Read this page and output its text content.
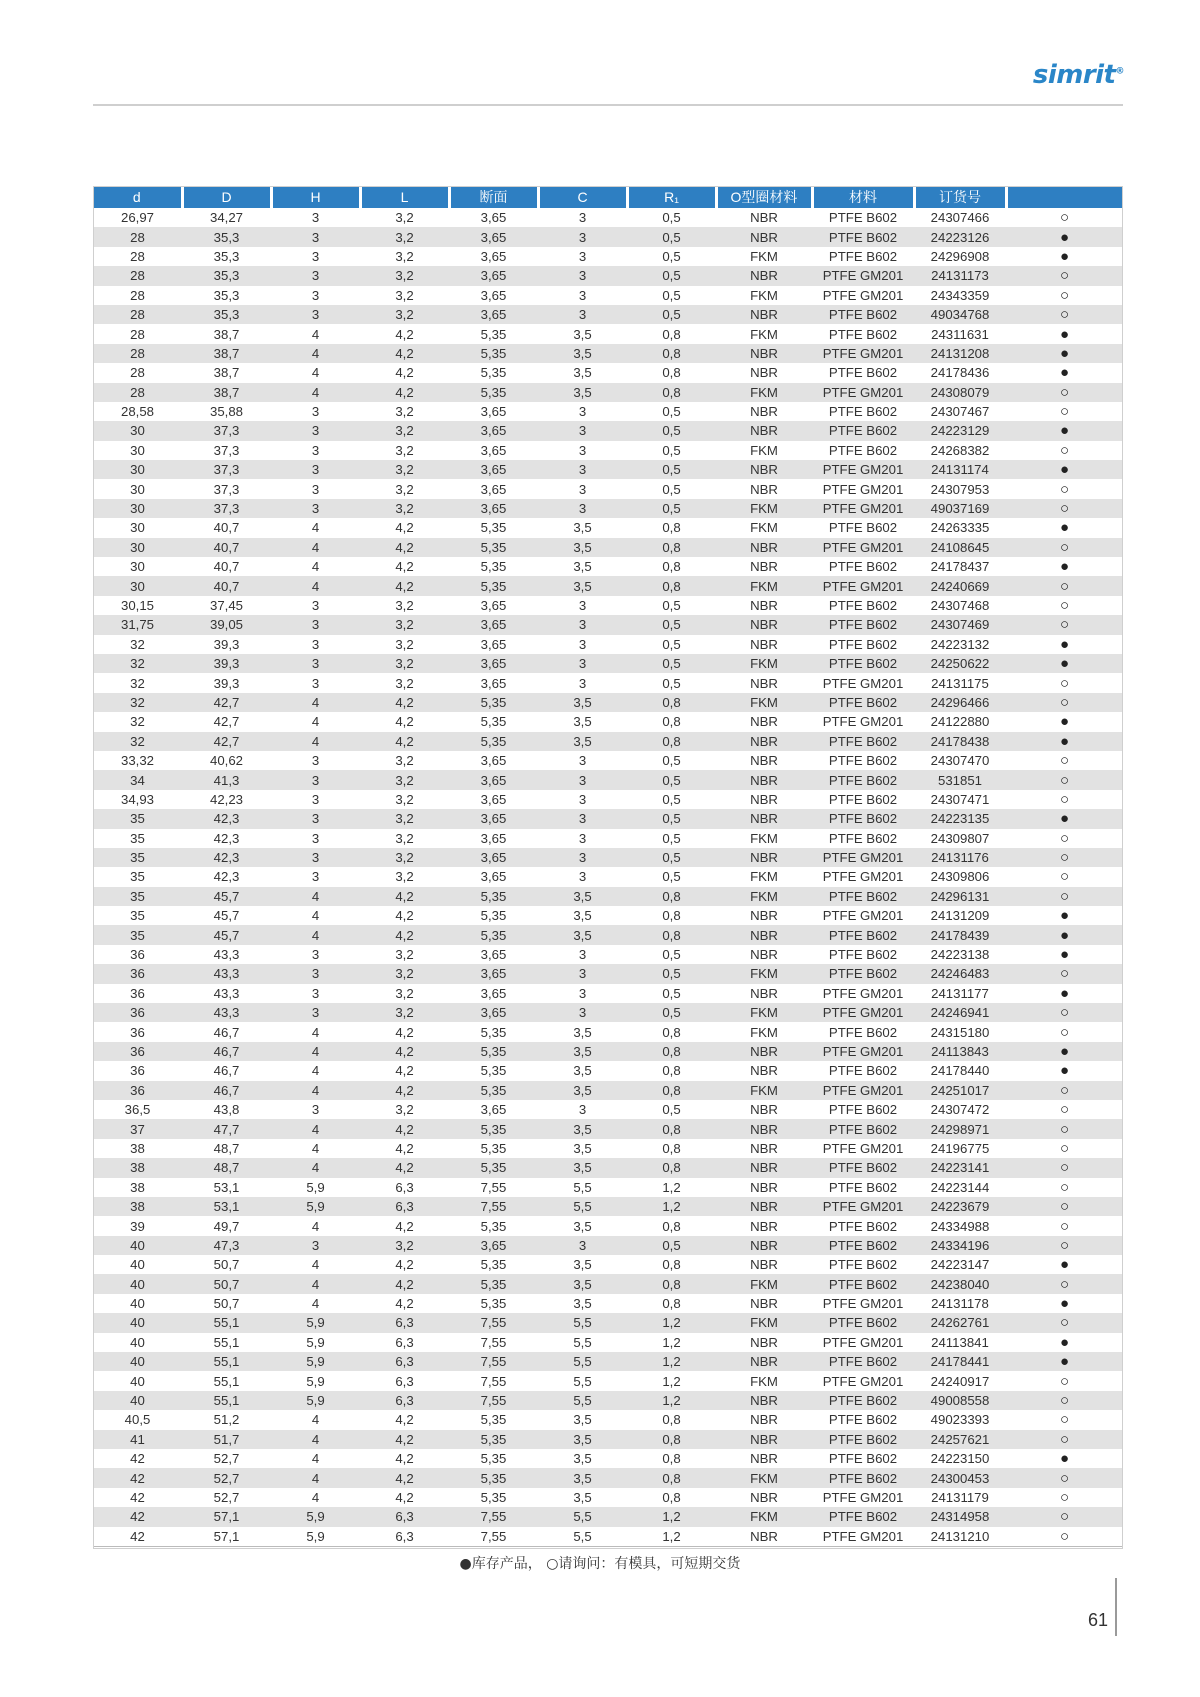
simrit®
d	D	H	L	断面	C	R₁	O型圈材料	材料	订货号	
26,97	34,27	3	3,2	3,65	3	0,5	NBR	PTFE B602	24307466	○
28	35,3	3	3,2	3,65	3	0,5	NBR	PTFE B602	24223126	●
28	35,3	3	3,2	3,65	3	0,5	FKM	PTFE B602	24296908	●
28	35,3	3	3,2	3,65	3	0,5	NBR	PTFE GM201	24131173	○
28	35,3	3	3,2	3,65	3	0,5	FKM	PTFE GM201	24343359	○
28	35,3	3	3,2	3,65	3	0,5	NBR	PTFE B602	49034768	○
28	38,7	4	4,2	5,35	3,5	0,8	FKM	PTFE B602	24311631	●
28	38,7	4	4,2	5,35	3,5	0,8	NBR	PTFE GM201	24131208	●
28	38,7	4	4,2	5,35	3,5	0,8	NBR	PTFE B602	24178436	●
28	38,7	4	4,2	5,35	3,5	0,8	FKM	PTFE GM201	24308079	○
28,58	35,88	3	3,2	3,65	3	0,5	NBR	PTFE B602	24307467	○
30	37,3	3	3,2	3,65	3	0,5	NBR	PTFE B602	24223129	●
30	37,3	3	3,2	3,65	3	0,5	FKM	PTFE B602	24268382	○
30	37,3	3	3,2	3,65	3	0,5	NBR	PTFE GM201	24131174	●
30	37,3	3	3,2	3,65	3	0,5	NBR	PTFE GM201	24307953	○
30	37,3	3	3,2	3,65	3	0,5	FKM	PTFE GM201	49037169	○
30	40,7	4	4,2	5,35	3,5	0,8	FKM	PTFE B602	24263335	●
30	40,7	4	4,2	5,35	3,5	0,8	NBR	PTFE GM201	24108645	○
30	40,7	4	4,2	5,35	3,5	0,8	NBR	PTFE B602	24178437	●
30	40,7	4	4,2	5,35	3,5	0,8	FKM	PTFE GM201	24240669	○
30,15	37,45	3	3,2	3,65	3	0,5	NBR	PTFE B602	24307468	○
31,75	39,05	3	3,2	3,65	3	0,5	NBR	PTFE B602	24307469	○
32	39,3	3	3,2	3,65	3	0,5	NBR	PTFE B602	24223132	●
32	39,3	3	3,2	3,65	3	0,5	FKM	PTFE B602	24250622	●
32	39,3	3	3,2	3,65	3	0,5	NBR	PTFE GM201	24131175	○
32	42,7	4	4,2	5,35	3,5	0,8	FKM	PTFE B602	24296466	○
32	42,7	4	4,2	5,35	3,5	0,8	NBR	PTFE GM201	24122880	●
32	42,7	4	4,2	5,35	3,5	0,8	NBR	PTFE B602	24178438	●
33,32	40,62	3	3,2	3,65	3	0,5	NBR	PTFE B602	24307470	○
34	41,3	3	3,2	3,65	3	0,5	NBR	PTFE B602	531851	○
34,93	42,23	3	3,2	3,65	3	0,5	NBR	PTFE B602	24307471	○
35	42,3	3	3,2	3,65	3	0,5	NBR	PTFE B602	24223135	●
35	42,3	3	3,2	3,65	3	0,5	FKM	PTFE B602	24309807	○
35	42,3	3	3,2	3,65	3	0,5	NBR	PTFE GM201	24131176	○
35	42,3	3	3,2	3,65	3	0,5	FKM	PTFE GM201	24309806	○
35	45,7	4	4,2	5,35	3,5	0,8	FKM	PTFE B602	24296131	○
35	45,7	4	4,2	5,35	3,5	0,8	NBR	PTFE GM201	24131209	●
35	45,7	4	4,2	5,35	3,5	0,8	NBR	PTFE B602	24178439	●
36	43,3	3	3,2	3,65	3	0,5	NBR	PTFE B602	24223138	●
36	43,3	3	3,2	3,65	3	0,5	FKM	PTFE B602	24246483	○
36	43,3	3	3,2	3,65	3	0,5	NBR	PTFE GM201	24131177	●
36	43,3	3	3,2	3,65	3	0,5	FKM	PTFE GM201	24246941	○
36	46,7	4	4,2	5,35	3,5	0,8	FKM	PTFE B602	24315180	○
36	46,7	4	4,2	5,35	3,5	0,8	NBR	PTFE GM201	24113843	●
36	46,7	4	4,2	5,35	3,5	0,8	NBR	PTFE B602	24178440	●
36	46,7	4	4,2	5,35	3,5	0,8	FKM	PTFE GM201	24251017	○
36,5	43,8	3	3,2	3,65	3	0,5	NBR	PTFE B602	24307472	○
37	47,7	4	4,2	5,35	3,5	0,8	NBR	PTFE B602	24298971	○
38	48,7	4	4,2	5,35	3,5	0,8	NBR	PTFE GM201	24196775	○
38	48,7	4	4,2	5,35	3,5	0,8	NBR	PTFE B602	24223141	○
38	53,1	5,9	6,3	7,55	5,5	1,2	NBR	PTFE B602	24223144	○
38	53,1	5,9	6,3	7,55	5,5	1,2	NBR	PTFE GM201	24223679	○
39	49,7	4	4,2	5,35	3,5	0,8	NBR	PTFE B602	24334988	○
40	47,3	3	3,2	3,65	3	0,5	NBR	PTFE B602	24334196	○
40	50,7	4	4,2	5,35	3,5	0,8	NBR	PTFE B602	24223147	●
40	50,7	4	4,2	5,35	3,5	0,8	FKM	PTFE B602	24238040	○
40	50,7	4	4,2	5,35	3,5	0,8	NBR	PTFE GM201	24131178	●
40	55,1	5,9	6,3	7,55	5,5	1,2	FKM	PTFE B602	24262761	○
40	55,1	5,9	6,3	7,55	5,5	1,2	NBR	PTFE GM201	24113841	●
40	55,1	5,9	6,3	7,55	5,5	1,2	NBR	PTFE B602	24178441	●
40	55,1	5,9	6,3	7,55	5,5	1,2	FKM	PTFE GM201	24240917	○
40	55,1	5,9	6,3	7,55	5,5	1,2	NBR	PTFE B602	49008558	○
40,5	51,2	4	4,2	5,35	3,5	0,8	NBR	PTFE B602	49023393	○
41	51,7	4	4,2	5,35	3,5	0,8	NBR	PTFE B602	24257621	○
42	52,7	4	4,2	5,35	3,5	0,8	NBR	PTFE B602	24223150	●
42	52,7	4	4,2	5,35	3,5	0,8	FKM	PTFE B602	24300453	○
42	52,7	4	4,2	5,35	3,5	0,8	NBR	PTFE GM201	24131179	○
42	57,1	5,9	6,3	7,55	5,5	1,2	FKM	PTFE B602	24314958	○
42	57,1	5,9	6,3	7,55	5,5	1,2	NBR	PTFE GM201	24131210	○
●库存产品， ○请询问：有模具，可短期交货
61
